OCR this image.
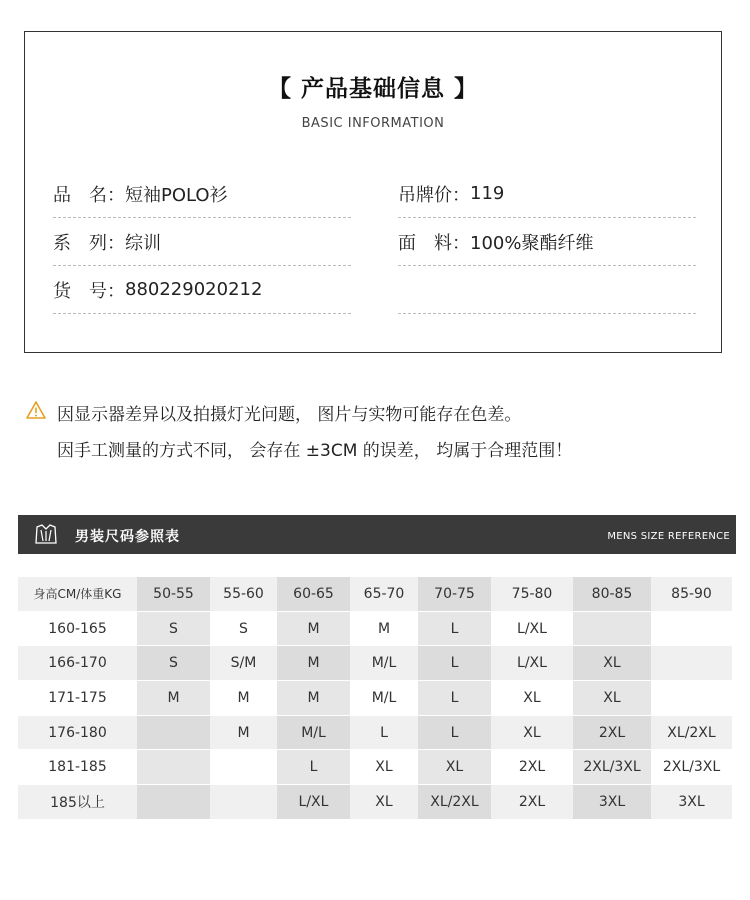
【 产品基础信息 】
BASIC INFORMATION
品　名： 短袖POLO衫	吊牌价： 119
系　列： 综训	面　料： 100%聚酯纤维
货　号： 880229020212
因显示器差异以及拍摄灯光问题， 图片与实物可能存在色差。
因手工测量的方式不同， 会存在 ±3CM 的误差， 均属于合理范围！
男装尺码参照表	MENS SIZE REFERENCE
身高CM/体重KG	50-55	55-60	60-65	65-70	70-75	75-80	80-85	85-90
160-165	S	S	M	M	L	L/XL		
166-170	S	S/M	M	M/L	L	L/XL	XL	
171-175	M	M	M	M/L	L	XL	XL	
176-180		M	M/L	L	L	XL	2XL	XL/2XL
181-185			L	XL	XL	2XL	2XL/3XL	2XL/3XL
185以上			L/XL	XL	XL/2XL	2XL	3XL	3XL
